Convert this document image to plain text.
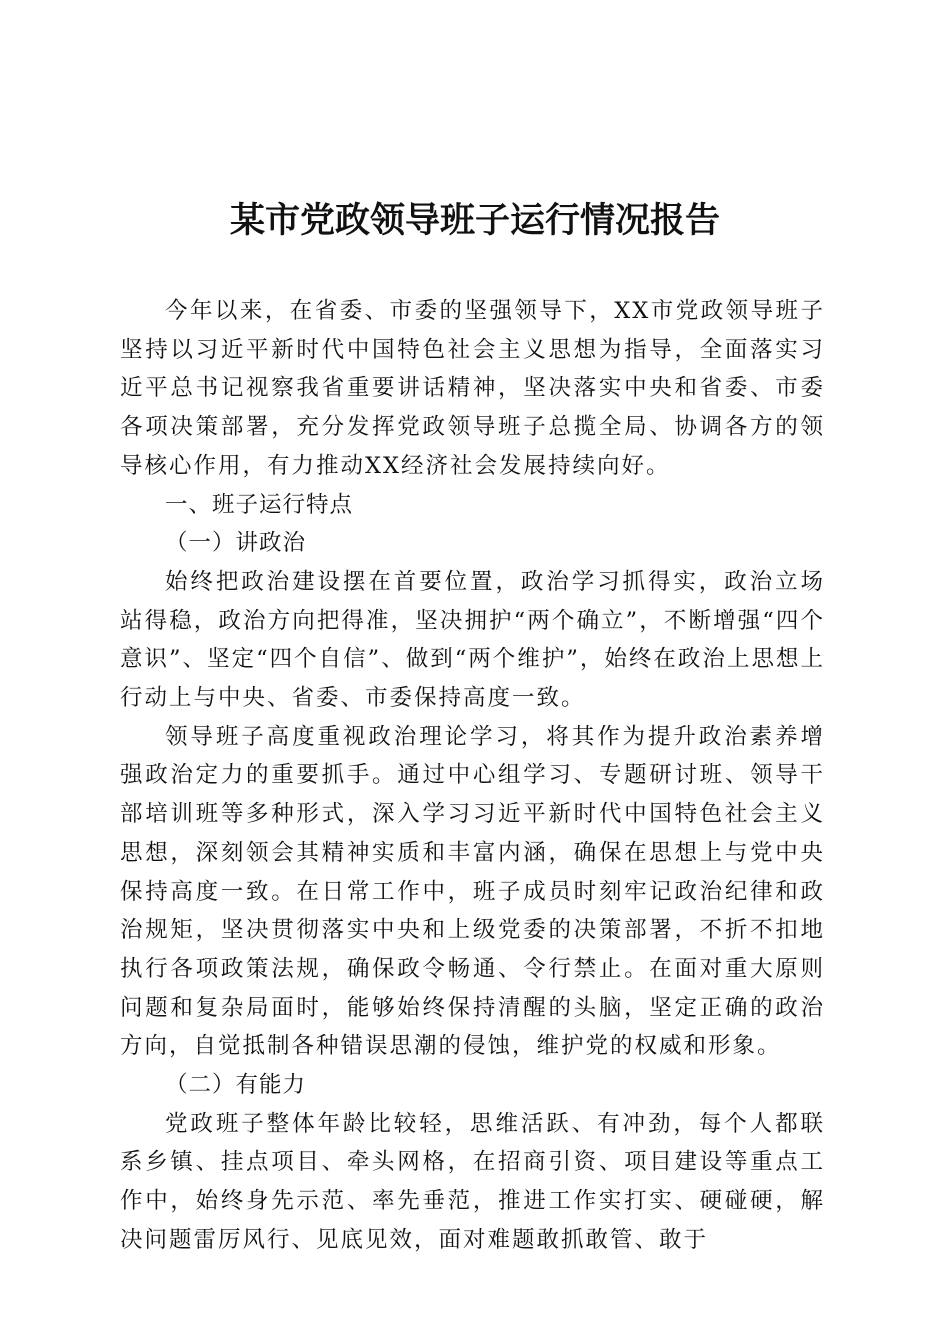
某市党政领导班子运行情况报告

今年以来，在省委、市委的坚强领导下，XX市党政领导班子坚持以习近平新时代中国特色社会主义思想为指导，全面落实习近平总书记视察我省重要讲话精神，坚决落实中央和省委、市委各项决策部署，充分发挥党政领导班子总揽全局、协调各方的领导核心作用，有力推动XX经济社会发展持续向好。

一、班子运行特点

（一）讲政治

始终把政治建设摆在首要位置，政治学习抓得实，政治立场站得稳，政治方向把得准，坚决拥护“两个确立”，不断增强“四个意识”、坚定“四个自信”、做到“两个维护”，始终在政治上思想上行动上与中央、省委、市委保持高度一致。

领导班子高度重视政治理论学习，将其作为提升政治素养增强政治定力的重要抓手。通过中心组学习、专题研讨班、领导干部培训班等多种形式，深入学习习近平新时代中国特色社会主义思想，深刻领会其精神实质和丰富内涵，确保在思想上与党中央保持高度一致。在日常工作中，班子成员时刻牢记政治纪律和政治规矩，坚决贯彻落实中央和上级党委的决策部署，不折不扣地执行各项政策法规，确保政令畅通、令行禁止。在面对重大原则问题和复杂局面时，能够始终保持清醒的头脑，坚定正确的政治方向，自觉抵制各种错误思潮的侵蚀，维护党的权威和形象。

（二）有能力

党政班子整体年龄比较轻，思维活跃、有冲劲，每个人都联系乡镇、挂点项目、牵头网格，在招商引资、项目建设等重点工作中，始终身先示范、率先垂范，推进工作实打实、硬碰硬，解决问题雷厉风行、见底见效，面对难题敢抓敢管、敢于
